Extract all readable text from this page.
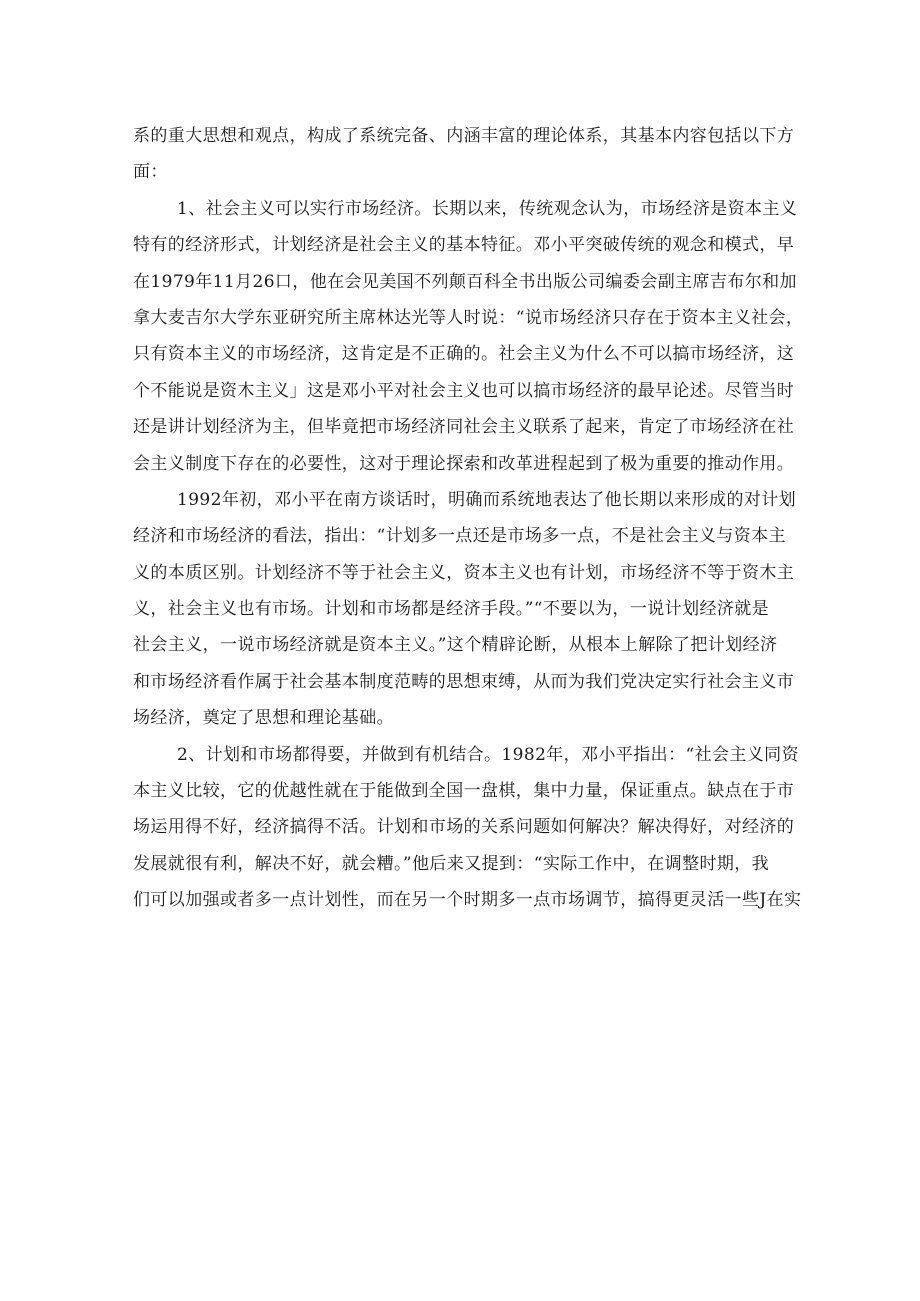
系的重大思想和观点，构成了系统完备、内涵丰富的理论体系，其基本内容包括以下方
面：
1、社会主义可以实行市场经济。长期以来，传统观念认为，市场经济是资本主义
特有的经济形式，计划经济是社会主义的基本特征。邓小平突破传统的观念和模式，早
在1979年11月26口，他在会见美国不列颠百科全书出版公司编委会副主席吉布尔和加
拿大麦吉尔大学东亚研究所主席林达光等人时说：“说市场经济只存在于资本主义社会，
只有资本主义的市场经济，这肯定是不正确的。社会主义为什么不可以搞市场经济，这
个不能说是资木主义」这是邓小平对社会主义也可以搞市场经济的最早论述。尽管当时
还是讲计划经济为主，但毕竟把市场经济同社会主义联系了起来，肯定了市场经济在社
会主义制度下存在的必要性，这对于理论探索和改革进程起到了极为重要的推动作用。
1992年初，邓小平在南方谈话时，明确而系统地表达了他长期以来形成的对计划
经济和市场经济的看法，指出：“计划多一点还是市场多一点，不是社会主义与资本主
义的本质区别。计划经济不等于社会主义，资本主义也有计划，市场经济不等于资木主
义，社会主义也有市场。计划和市场都是经济手段。”“不要以为，一说计划经济就是
社会主义，一说市场经济就是资本主义。”这个精辟论断，从根本上解除了把计划经济
和市场经济看作属于社会基本制度范畴的思想束缚，从而为我们党决定实行社会主义市
场经济，奠定了思想和理论基础。
2、计划和市场都得要，并做到有机结合。1982年，邓小平指出：“社会主义同资
本主义比较，它的优越性就在于能做到全国一盘棋，集中力量，保证重点。缺点在于市
场运用得不好，经济搞得不活。计划和市场的关系问题如何解决？解决得好，对经济的
发展就很有利，解决不好，就会糟。”他后来又提到：“实际工作中，在调整时期，我
们可以加强或者多一点计划性，而在另一个时期多一点市场调节，搞得更灵活一些J在实
